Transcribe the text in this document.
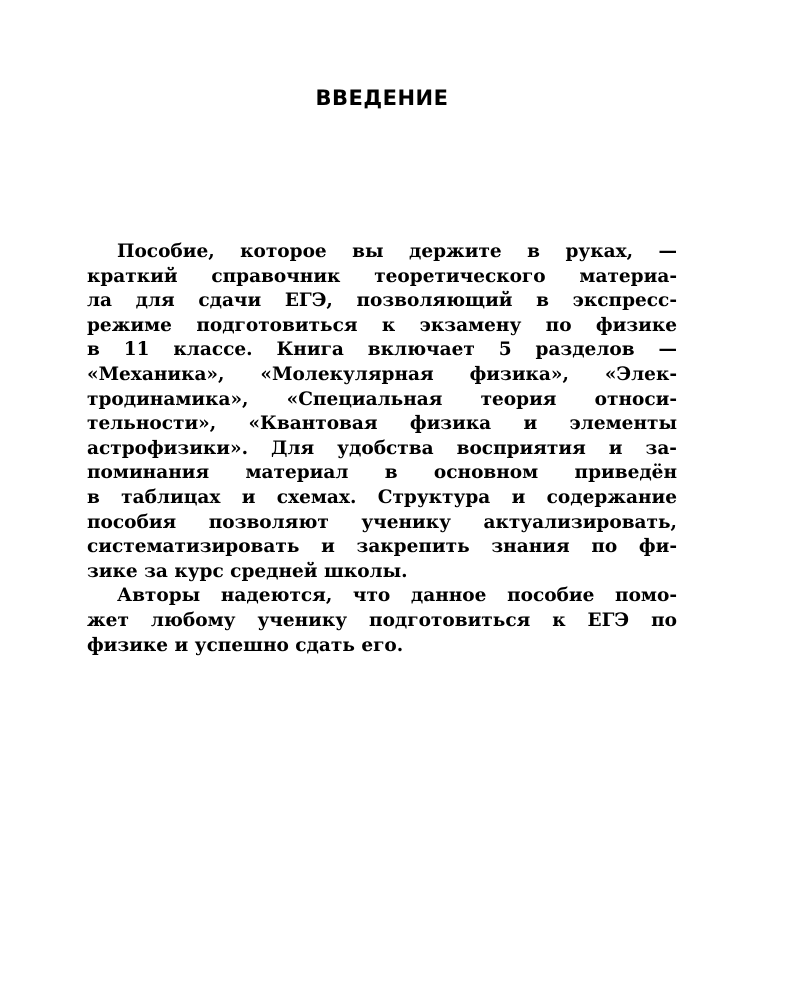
ВВЕДЕНИЕ
Пособие, которое вы держите в руках, —
краткий справочник теоретического материа-
ла для сдачи ЕГЭ, позволяющий в экспресс-
режиме подготовиться к экзамену по физике
в 11 классе. Книга включает 5 разделов —
«Механика», «Молекулярная физика», «Элек-
тродинамика», «Специальная теория относи-
тельности», «Квантовая физика и элементы
астрофизики». Для удобства восприятия и за-
поминания материал в основном приведён
в таблицах и схемах. Структура и содержание
пособия позволяют ученику актуализировать,
систематизировать и закрепить знания по фи-
зике за курс средней школы.
Авторы надеются, что данное пособие помо-
жет любому ученику подготовиться к ЕГЭ по
физике и успешно сдать его.
